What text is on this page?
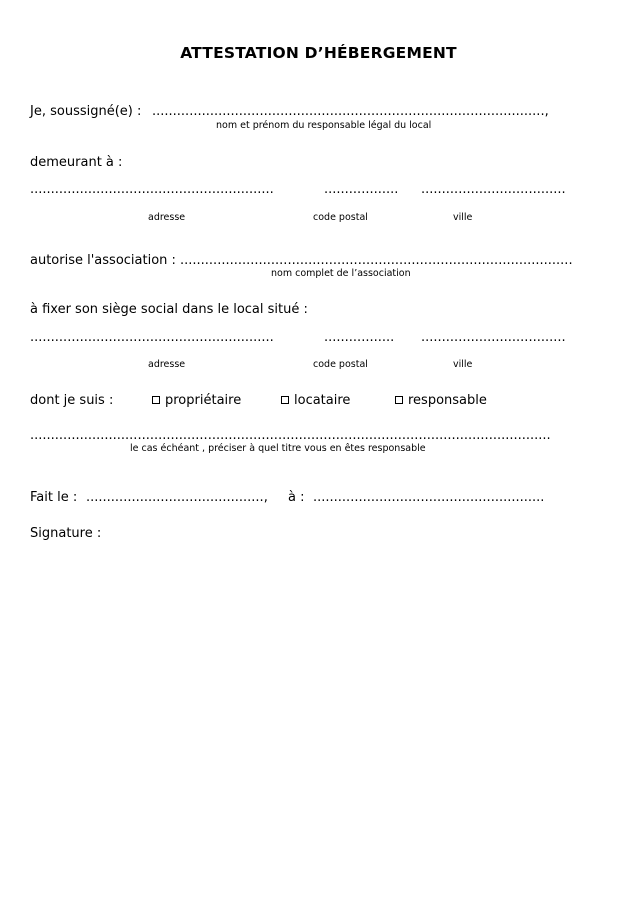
ATTESTATION D’HÉBERGEMENT
Je, soussigné(e) : ...............................................................................................,
nom et prénom du responsable légal du local
demeurant à :
...........................................................	..................	...................................
adresse	code postal	ville
autorise l'association : ...............................................................................................
nom complet de l’association
à fixer son siège social dans le local situé :
...........................................................	.................	...................................
adresse	code postal	ville
dont je suis :	propriétaire	locataire	responsable
..............................................................................................................................
le cas échéant , préciser à quel titre vous en êtes responsable
Fait le : ...........................................,	à : ........................................................
Signature :
